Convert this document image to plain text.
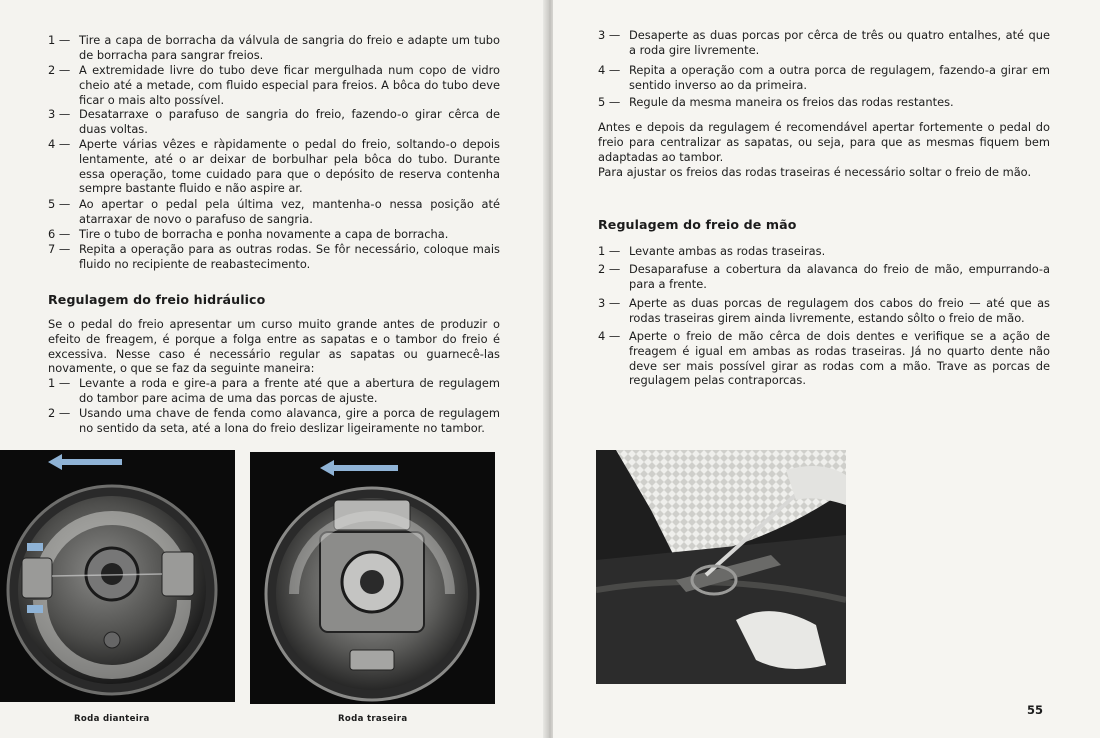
1 — Tire a capa de borracha da válvula de sangria do freio e adapte um tubo de borracha para sangrar freios.
2 — A extremidade livre do tubo deve ficar mergulhada num copo de vidro cheio até a metade, com fluido especial para freios. A bôca do tubo deve ficar o mais alto possível.
3 — Desatarraxe o parafuso de sangria do freio, fazendo-o girar cêrca de duas voltas.
4 — Aperte várias vêzes e ràpidamente o pedal do freio, soltando-o depois lentamente, até o ar deixar de borbulhar pela bôca do tubo. Durante essa operação, tome cuidado para que o depósito de reserva contenha sempre bastante fluido e não aspire ar.
5 — Ao apertar o pedal pela última vez, mantenha-o nessa posição até atarraxar de novo o parafuso de sangria.
6 — Tire o tubo de borracha e ponha novamente a capa de borracha.
7 — Repita a operação para as outras rodas. Se fôr necessário, coloque mais fluido no recipiente de reabastecimento.
Regulagem do freio hidráulico
Se o pedal do freio apresentar um curso muito grande antes de produzir o efeito de freagem, é porque a folga entre as sapatas e o tambor do freio é excessiva. Nesse caso é necessário regular as sapatas ou guarnecê-las novamente, o que se faz da seguinte maneira:
1 — Levante a roda e gire-a para a frente até que a abertura de regulagem do tambor pare acima de uma das porcas de ajuste.
2 — Usando uma chave de fenda como alavanca, gire a porca de regulagem no sentido da seta, até a lona do freio deslizar ligeiramente no tambor.
Roda dianteira	Roda traseira
3 — Desaperte as duas porcas por cêrca de três ou quatro entalhes, até que a roda gire livremente.
4 — Repita a operação com a outra porca de regulagem, fazendo-a girar em sentido inverso ao da primeira.
5 — Regule da mesma maneira os freios das rodas restantes.
Antes e depois da regulagem é recomendável apertar fortemente o pedal do freio para centralizar as sapatas, ou seja, para que as mesmas fiquem bem adaptadas ao tambor.
Para ajustar os freios das rodas traseiras é necessário soltar o freio de mão.
Regulagem do freio de mão
1 — Levante ambas as rodas traseiras.
2 — Desaparafuse a cobertura da alavanca do freio de mão, empurrando-a para a frente.
3 — Aperte as duas porcas de regulagem dos cabos do freio — até que as rodas traseiras girem ainda livremente, estando sôlto o freio de mão.
4 — Aperte o freio de mão cêrca de dois dentes e verifique se a ação de freagem é igual em ambas as rodas traseiras. Já no quarto dente não deve ser mais possível girar as rodas com a mão. Trave as porcas de regulagem pelas contraporcas.
55
